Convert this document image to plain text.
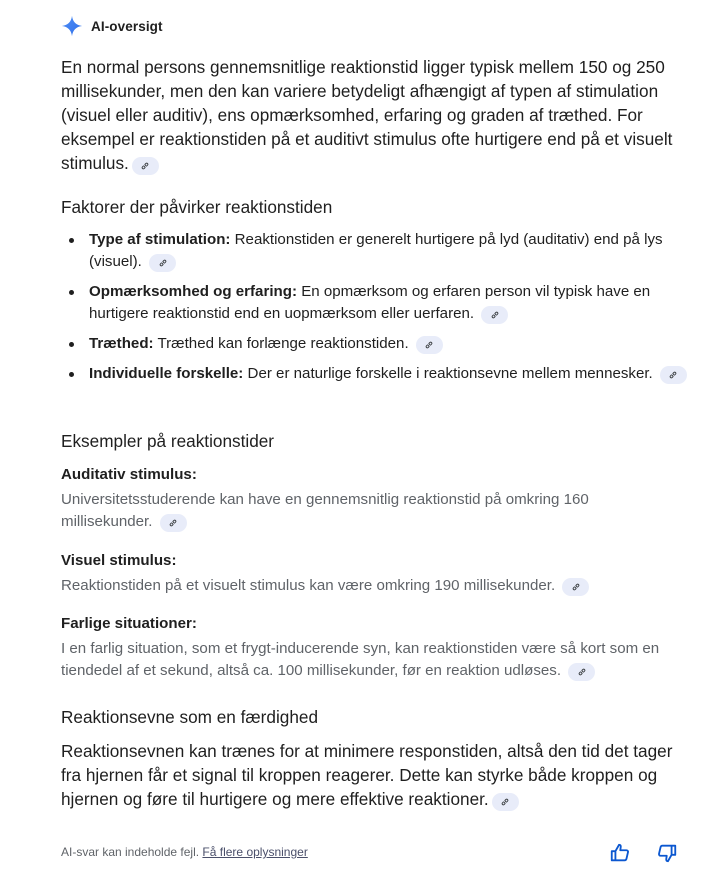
AI-oversigt
En normal persons gennemsnitlige reaktionstid ligger typisk mellem 150 og 250 millisekunder, men den kan variere betydeligt afhængigt af typen af stimulation (visuel eller auditiv), ens opmærksomhed, erfaring og graden af træthed. For eksempel er reaktionstiden på et auditivt stimulus ofte hurtigere end på et visuelt stimulus.
Faktorer der påvirker reaktionstiden
Type af stimulation: Reaktionstiden er generelt hurtigere på lyd (auditativ) end på lys (visuel).
Opmærksomhed og erfaring: En opmærksom og erfaren person vil typisk have en hurtigere reaktionstid end en uopmærksom eller uerfaren.
Træthed: Træthed kan forlænge reaktionstiden.
Individuelle forskelle: Der er naturlige forskelle i reaktionsevne mellem mennesker.
Eksempler på reaktionstider
Auditativ stimulus:
Universitetsstuderende kan have en gennemsnitlig reaktionstid på omkring 160 millisekunder.
Visuel stimulus:
Reaktionstiden på et visuelt stimulus kan være omkring 190 millisekunder.
Farlige situationer:
I en farlig situation, som et frygt-inducerende syn, kan reaktionstiden være så kort som en tiendedel af et sekund, altså ca. 100 millisekunder, før en reaktion udløses.
Reaktionsevne som en færdighed
Reaktionsevnen kan trænes for at minimere responstiden, altså den tid det tager fra hjernen får et signal til kroppen reagerer. Dette kan styrke både kroppen og hjernen og føre til hurtigere og mere effektive reaktioner.
AI-svar kan indeholde fejl. Få flere oplysninger
